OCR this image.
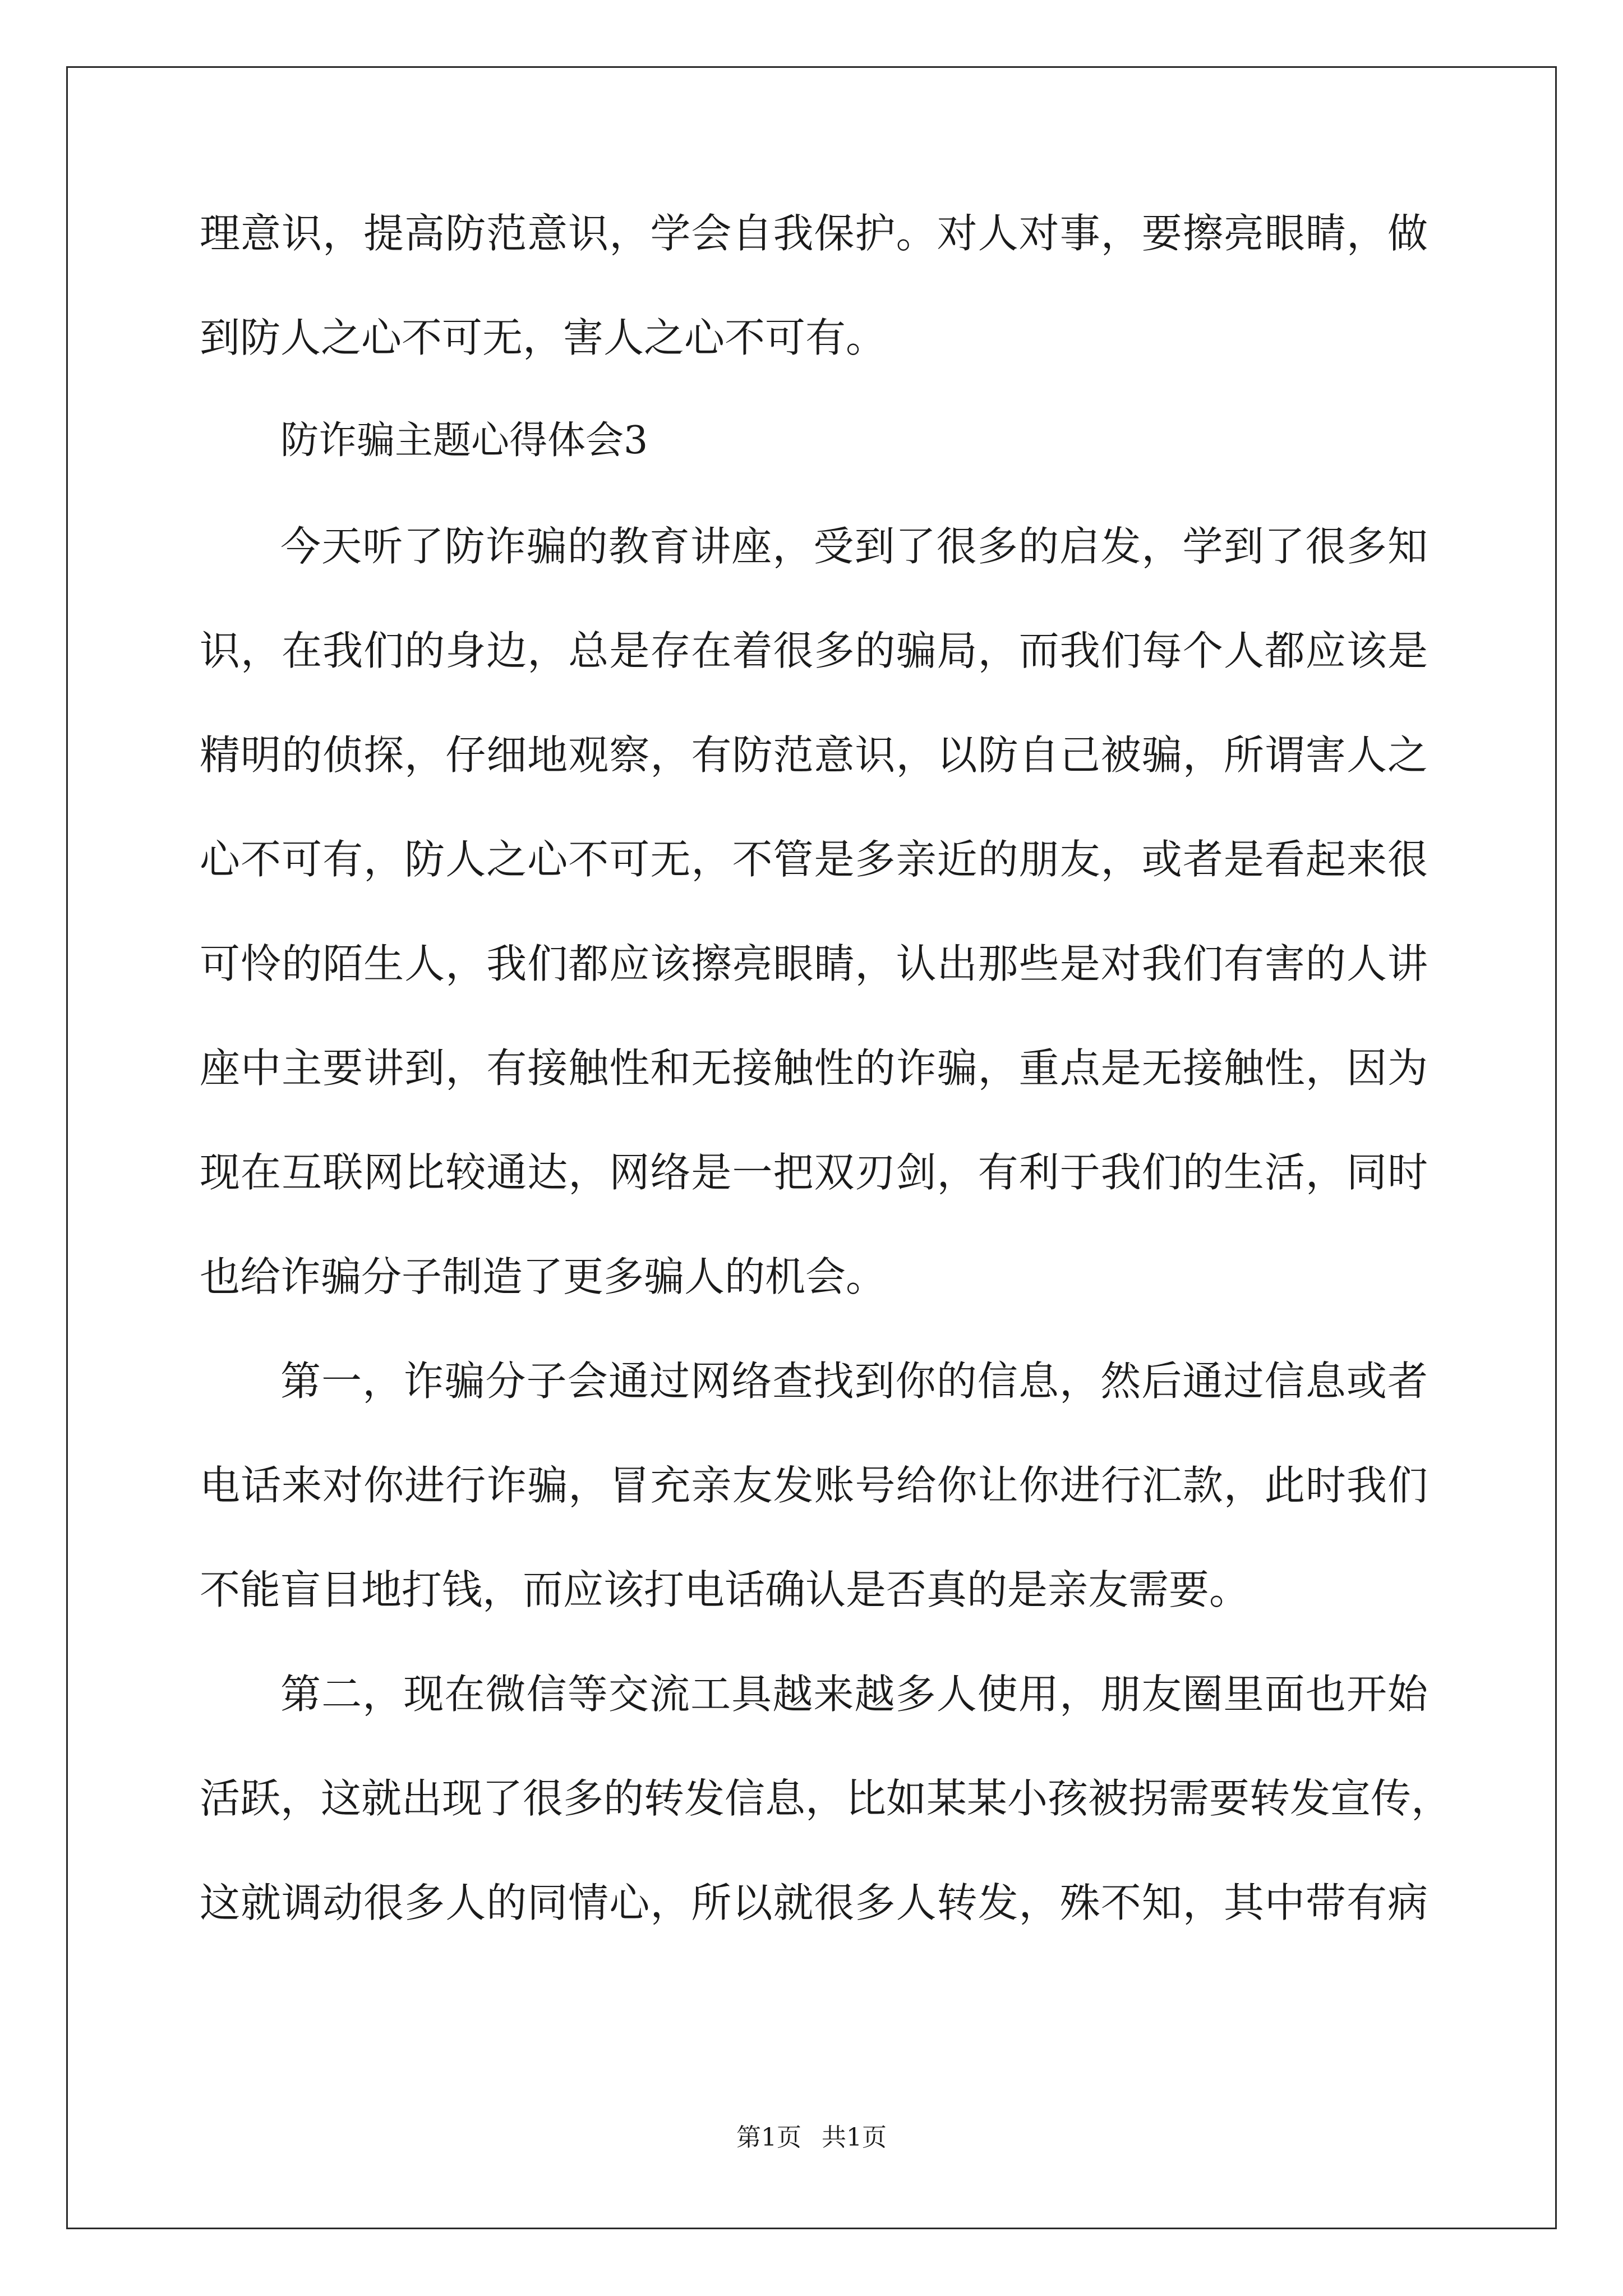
理意识，提高防范意识，学会自我保护。对人对事，要擦亮眼睛，做
到防人之心不可无，害人之心不可有。
防诈骗主题心得体会3
今天听了防诈骗的教育讲座，受到了很多的启发，学到了很多知
识，在我们的身边，总是存在着很多的骗局，而我们每个人都应该是
精明的侦探，仔细地观察，有防范意识，以防自己被骗，所谓害人之
心不可有，防人之心不可无，不管是多亲近的朋友，或者是看起来很
可怜的陌生人，我们都应该擦亮眼睛，认出那些是对我们有害的人讲
座中主要讲到，有接触性和无接触性的诈骗，重点是无接触性，因为
现在互联网比较通达，网络是一把双刃剑，有利于我们的生活，同时
也给诈骗分子制造了更多骗人的机会。
第一，诈骗分子会通过网络查找到你的信息，然后通过信息或者
电话来对你进行诈骗，冒充亲友发账号给你让你进行汇款，此时我们
不能盲目地打钱，而应该打电话确认是否真的是亲友需要。
第二，现在微信等交流工具越来越多人使用，朋友圈里面也开始
活跃，这就出现了很多的转发信息，比如某某小孩被拐需要转发宣传，
这就调动很多人的同情心，所以就很多人转发，殊不知，其中带有病
第1页 共1页
